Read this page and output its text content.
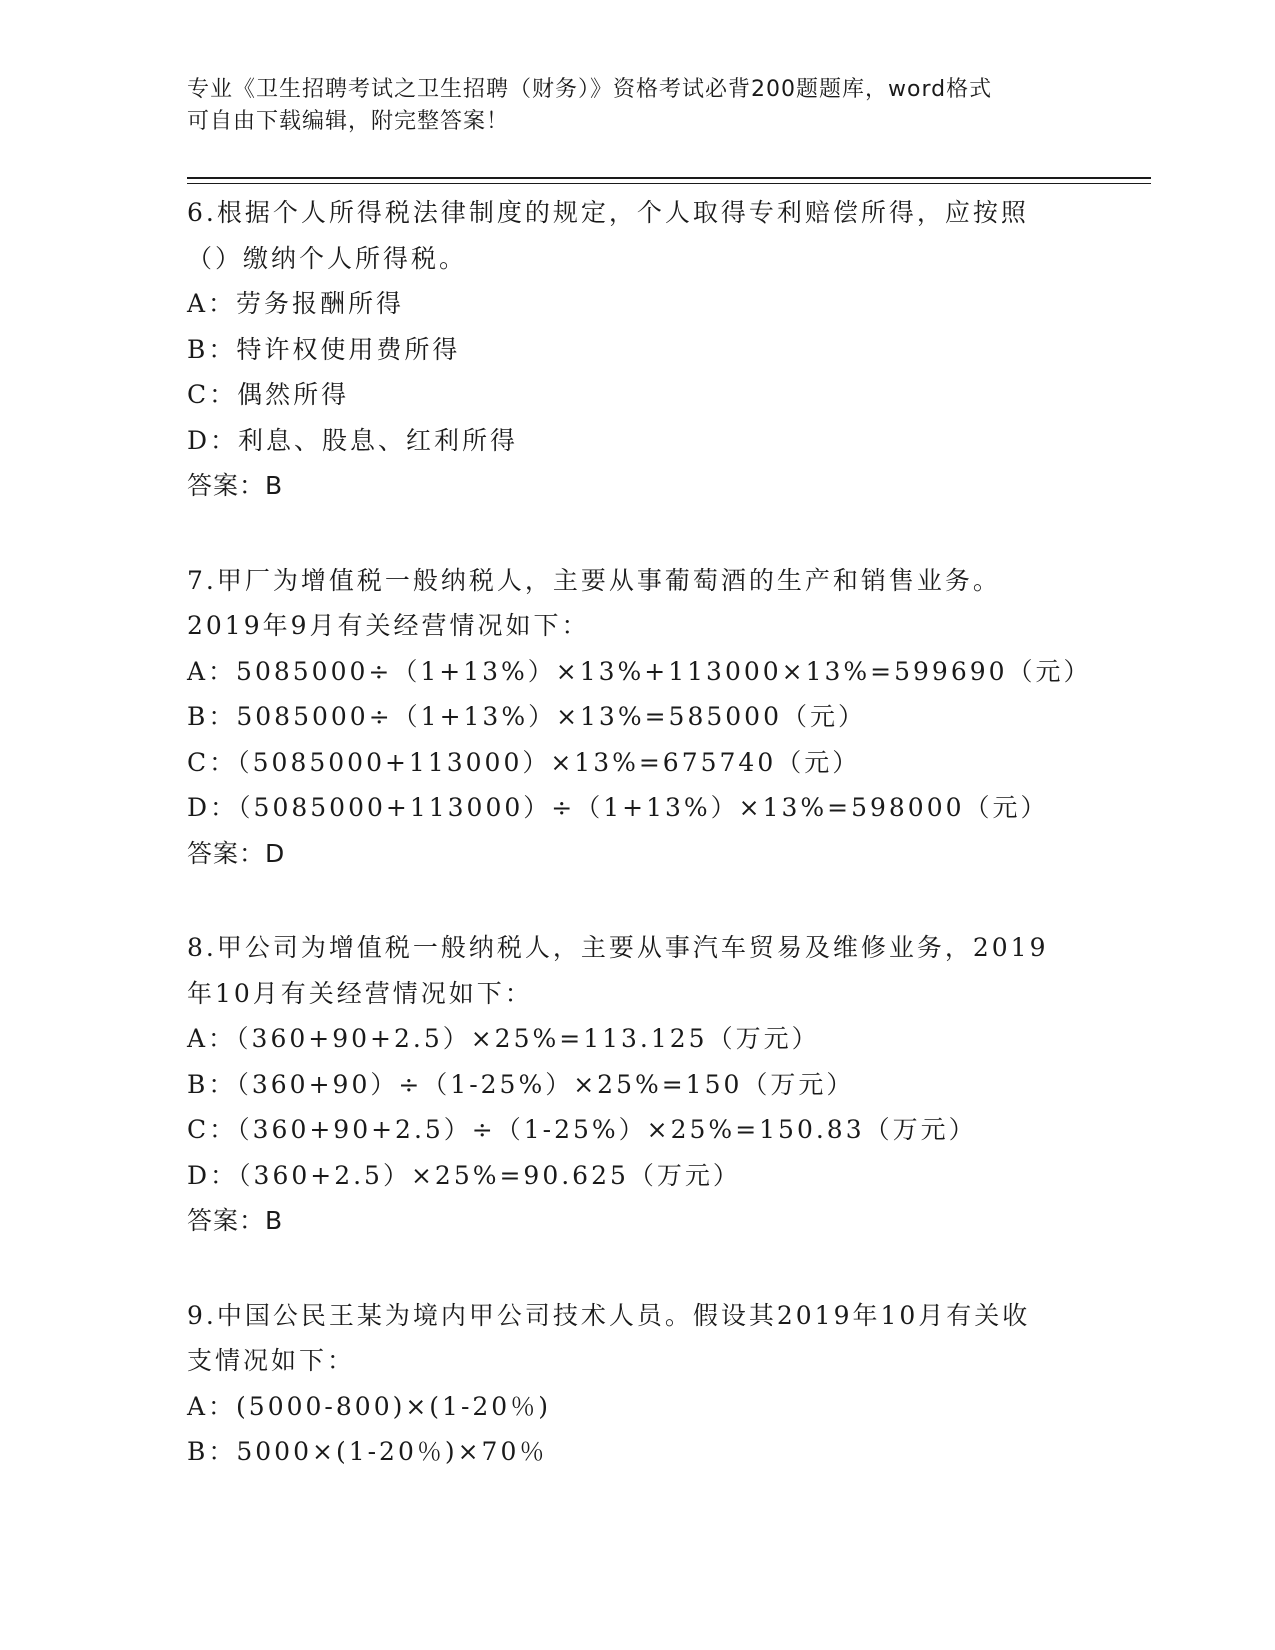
专业《卫生招聘考试之卫生招聘（财务）》资格考试必背200题题库，word格式
可自由下载编辑，附完整答案！
6.根据个人所得税法律制度的规定，个人取得专利赔偿所得，应按照
（）缴纳个人所得税。
A：劳务报酬所得
B：特许权使用费所得
C：偶然所得
D：利息、股息、红利所得
答案：B
7.甲厂为增值税一般纳税人，主要从事葡萄酒的生产和销售业务。
2019年9月有关经营情况如下：
A：5085000÷（1+13%）×13%+113000×13%=599690（元）
B：5085000÷（1+13%）×13%=585000（元）
C：（5085000+113000）×13%=675740（元）
D：（5085000+113000）÷（1+13%）×13%=598000（元）
答案：D
8.甲公司为增值税一般纳税人，主要从事汽车贸易及维修业务，2019
年10月有关经营情况如下：
A：（360+90+2.5）×25%=113.125（万元）
B：（360+90）÷（1-25%）×25%=150（万元）
C：（360+90+2.5）÷（1-25%）×25%=150.83（万元）
D：（360+2.5）×25%=90.625（万元）
答案：B
9.中国公民王某为境内甲公司技术人员。假设其2019年10月有关收
支情况如下：
A：(5000-800)×(1-20％)
B：5000×(1-20％)×70％
